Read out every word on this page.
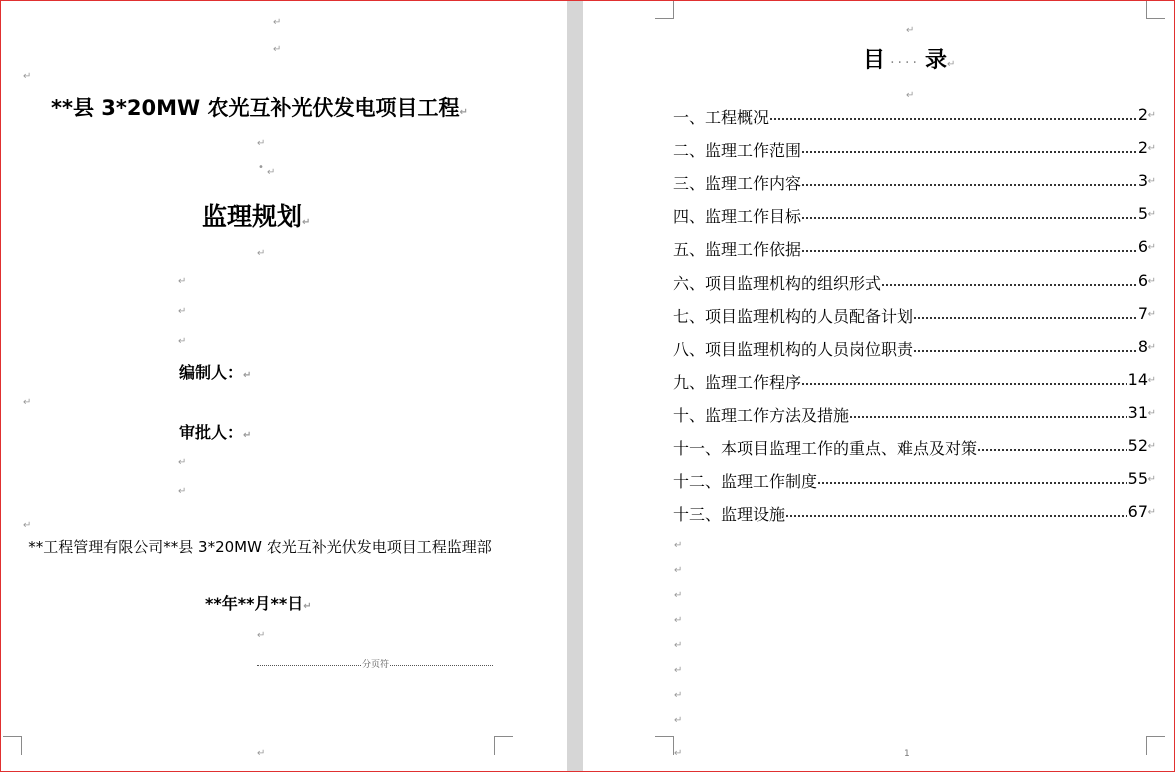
↵
↵
↵
**县 3*20MW 农光互补光伏发电项目工程↵
↵
• ↵
监理规划↵
↵
↵
↵
↵
编制人：↵
↵
审批人：↵
↵
↵
↵
**工程管理有限公司**县 3*20MW 农光互补光伏发电项目工程监理部
**年**月**日↵
↵
分页符
↵
↵
目 ···· 录↵
↵
一、工程概况	2 ↵
二、监理工作范围	2 ↵
三、监理工作内容	3 ↵
四、监理工作目标	5 ↵
五、监理工作依据	6 ↵
六、项目监理机构的组织形式	6 ↵
七、项目监理机构的人员配备计划	7 ↵
八、项目监理机构的人员岗位职责	8 ↵
九、监理工作程序	14 ↵
十、监理工作方法及措施	31 ↵
十一、本项目监理工作的重点、难点及对策	52 ↵
十二、监理工作制度	55 ↵
十三、监理设施	67 ↵
↵
↵
↵
↵
↵
↵
↵
↵
↵	1
